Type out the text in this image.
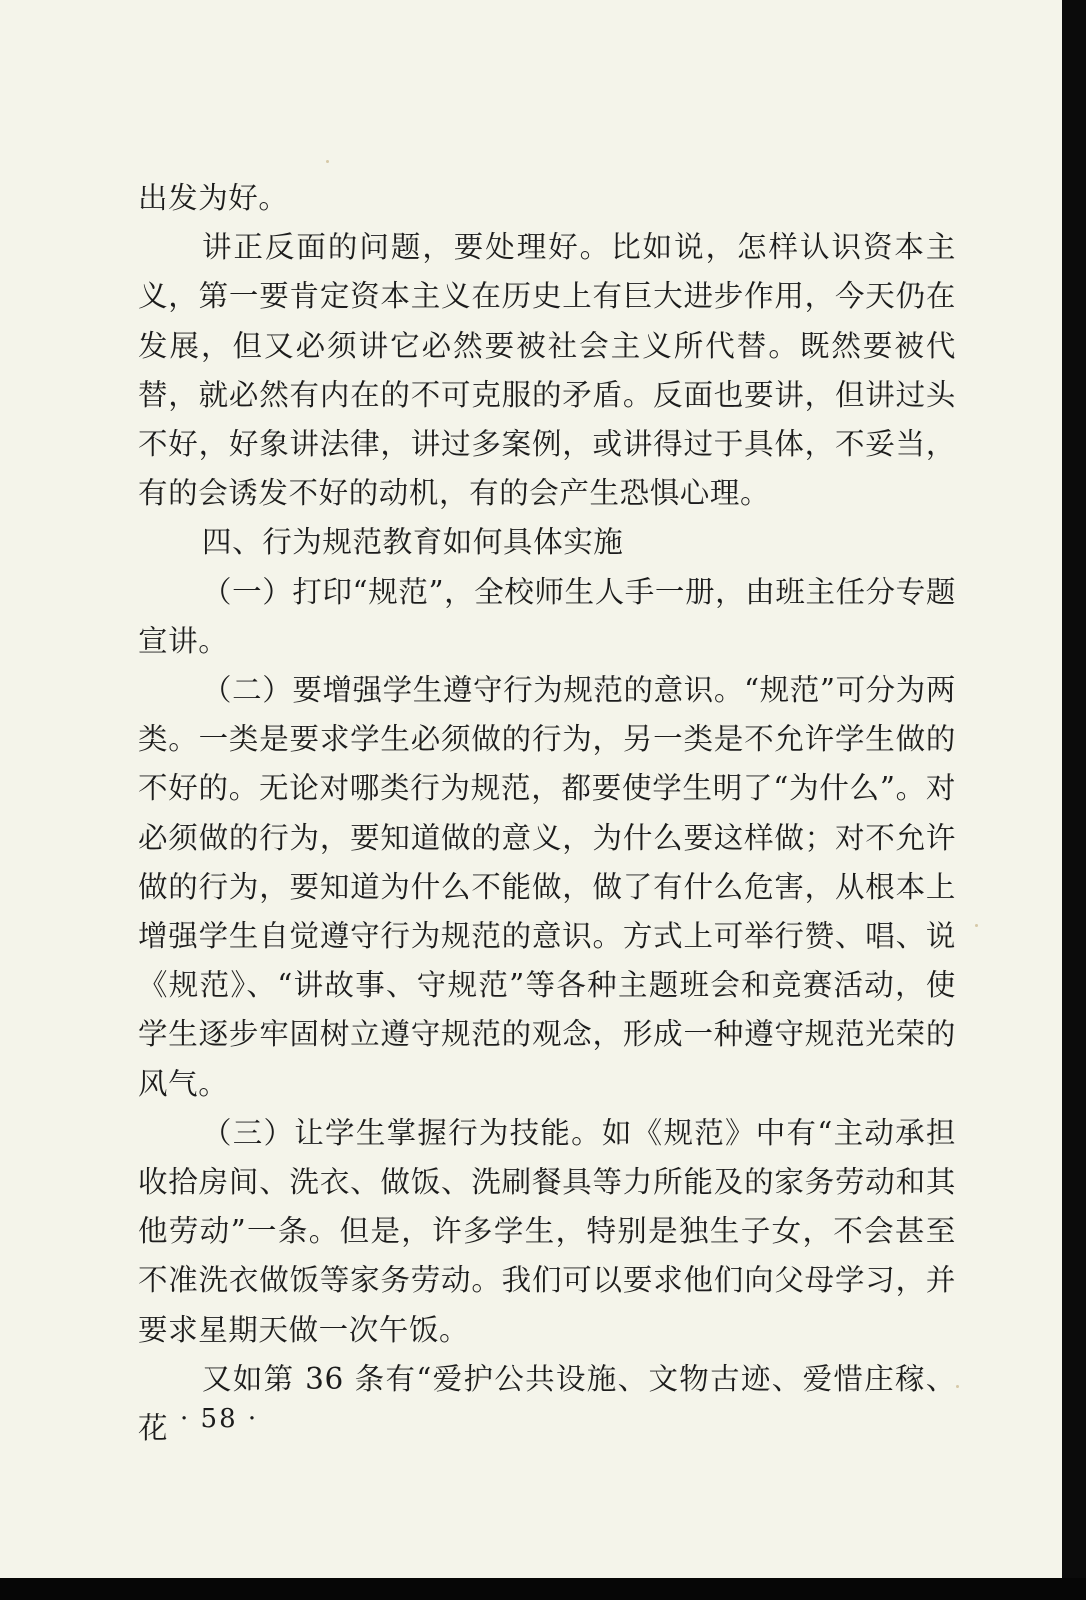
出发为好。

讲正反面的问题，要处理好。比如说，怎样认识资本主义，第一要肯定资本主义在历史上有巨大进步作用，今天仍在发展，但又必须讲它必然要被社会主义所代替。既然要被代替，就必然有内在的不可克服的矛盾。反面也要讲，但讲过头不好，好象讲法律，讲过多案例，或讲得过于具体，不妥当，有的会诱发不好的动机，有的会产生恐惧心理。

四、行为规范教育如何具体实施

（一）打印“规范”，全校师生人手一册，由班主任分专题宣讲。

（二）要增强学生遵守行为规范的意识。“规范”可分为两类。一类是要求学生必须做的行为，另一类是不允许学生做的不好的。无论对哪类行为规范，都要使学生明了“为什么”。对必须做的行为，要知道做的意义，为什么要这样做；对不允许做的行为，要知道为什么不能做，做了有什么危害，从根本上增强学生自觉遵守行为规范的意识。方式上可举行赞、唱、说《规范》、“讲故事、守规范”等各种主题班会和竞赛活动，使学生逐步牢固树立遵守规范的观念，形成一种遵守规范光荣的风气。

（三）让学生掌握行为技能。如《规范》中有“主动承担收拾房间、洗衣、做饭、洗刷餐具等力所能及的家务劳动和其他劳动”一条。但是，许多学生，特别是独生子女，不会甚至不准洗衣做饭等家务劳动。我们可以要求他们向父母学习，并要求星期天做一次午饭。

又如第 36 条有“爱护公共设施、文物古迹、爱惜庄稼、花 · 58 ·
